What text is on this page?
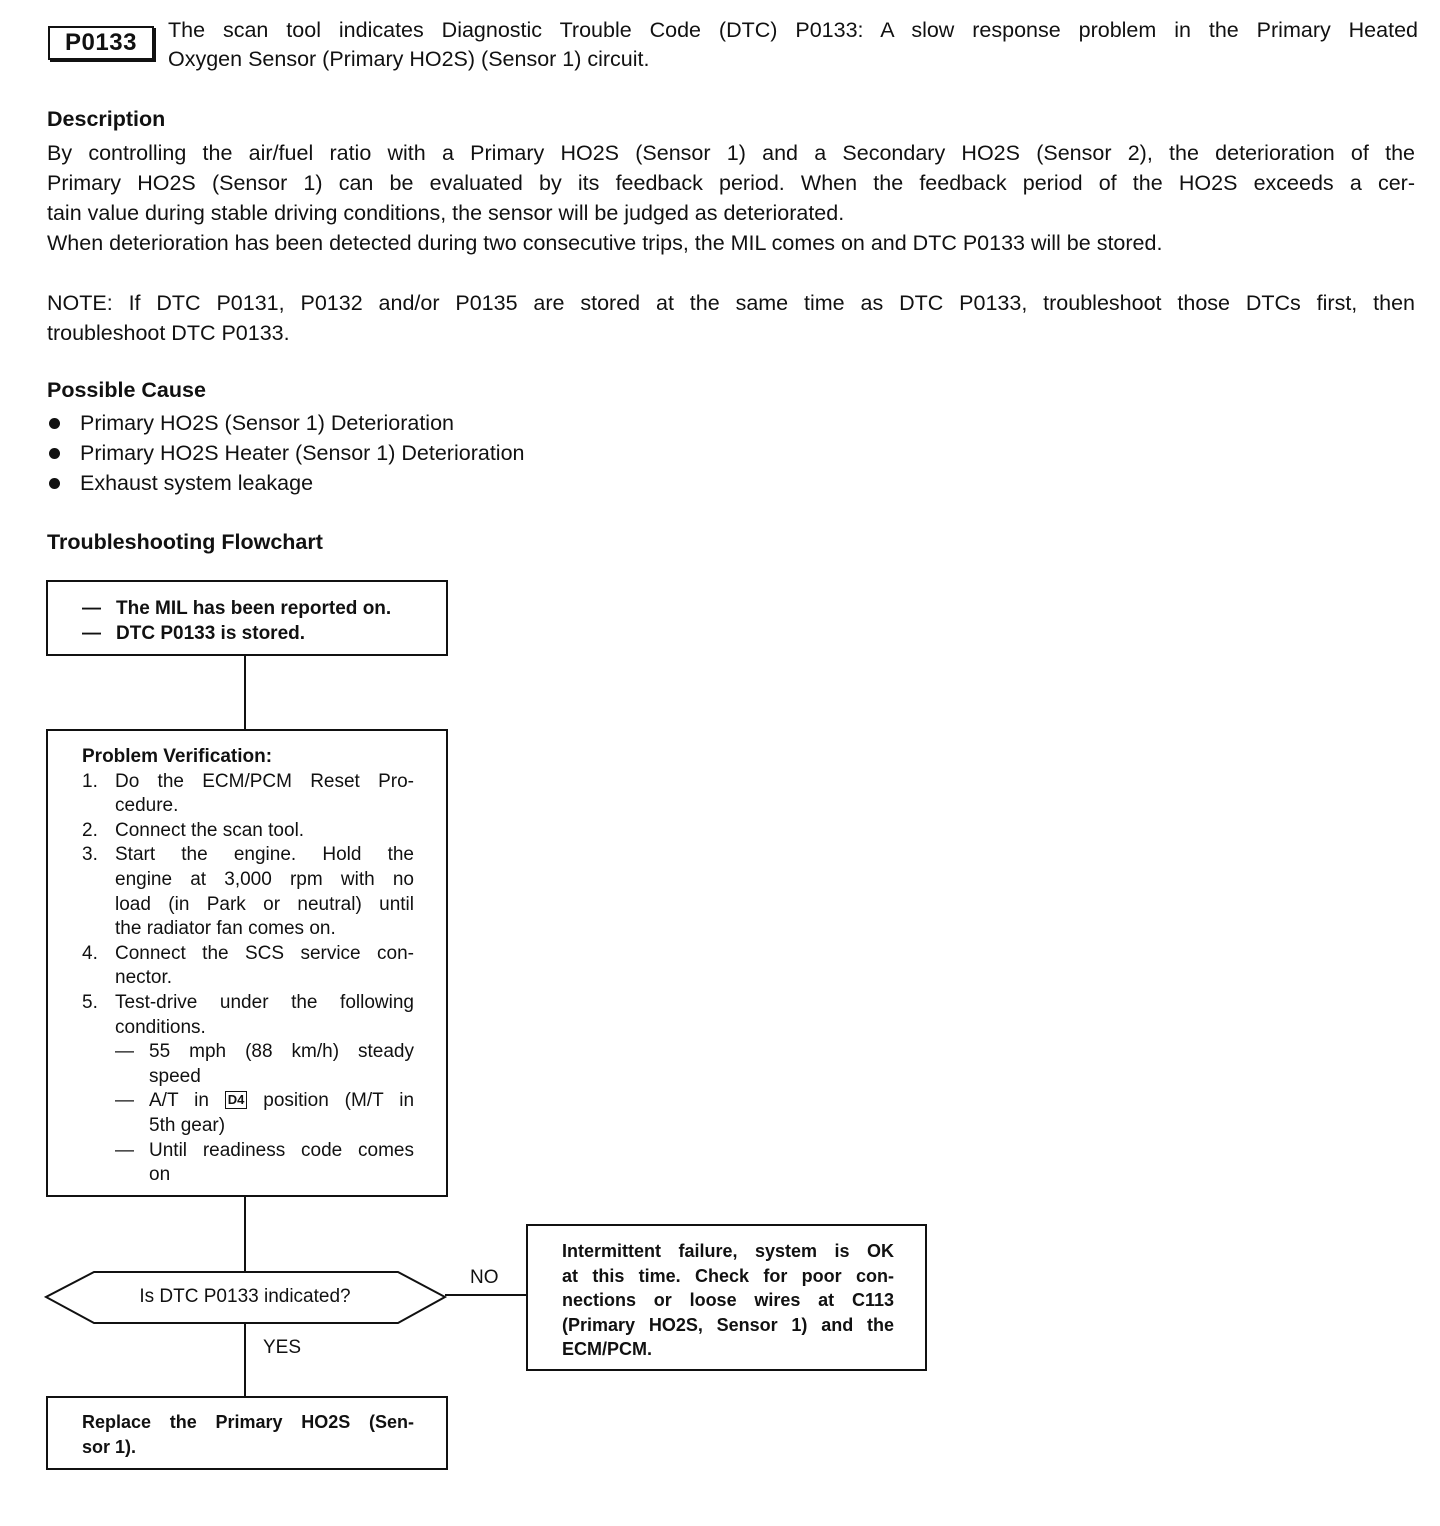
P0133	The scan tool indicates Diagnostic Trouble Code (DTC) P0133: A slow response problem in the Primary Heated
Oxygen Sensor (Primary HO2S) (Sensor 1) circuit.

Description

By controlling the air/fuel ratio with a Primary HO2S (Sensor 1) and a Secondary HO2S (Sensor 2), the deterioration of the
Primary HO2S (Sensor 1) can be evaluated by its feedback period. When the feedback period of the HO2S exceeds a cer-
tain value during stable driving conditions, the sensor will be judged as deteriorated.
When deterioration has been detected during two consecutive trips, the MIL comes on and DTC P0133 will be stored.
NOTE: If DTC P0131, P0132 and/or P0135 are stored at the same time as DTC P0133, troubleshoot those DTCs first, then
troubleshoot DTC P0133.

Possible Cause

Primary HO2S (Sensor 1) Deterioration
Primary HO2S Heater (Sensor 1) Deterioration
Exhaust system leakage

Troubleshooting Flowchart

— The MIL has been reported on.
— DTC P0133 is stored.
Problem Verification:
1. Do the ECM/PCM Reset Pro-
cedure.
2. Connect the scan tool.
3. Start the engine. Hold the
engine at 3,000 rpm with no
load (in Park or neutral) until
the radiator fan comes on.
4. Connect the SCS service con-
nector.
5. Test-drive under the following
conditions.
— 55 mph (88 km/h) steady
speed
— A/T in D4 position (M/T in
5th gear)
— Until readiness code comes
on
Is DTC P0133 indicated?
NO
YES
Intermittent failure, system is OK
at this time. Check for poor con-
nections or loose wires at C113
(Primary HO2S, Sensor 1) and the
ECM/PCM.
Replace the Primary HO2S (Sen-
sor 1).
